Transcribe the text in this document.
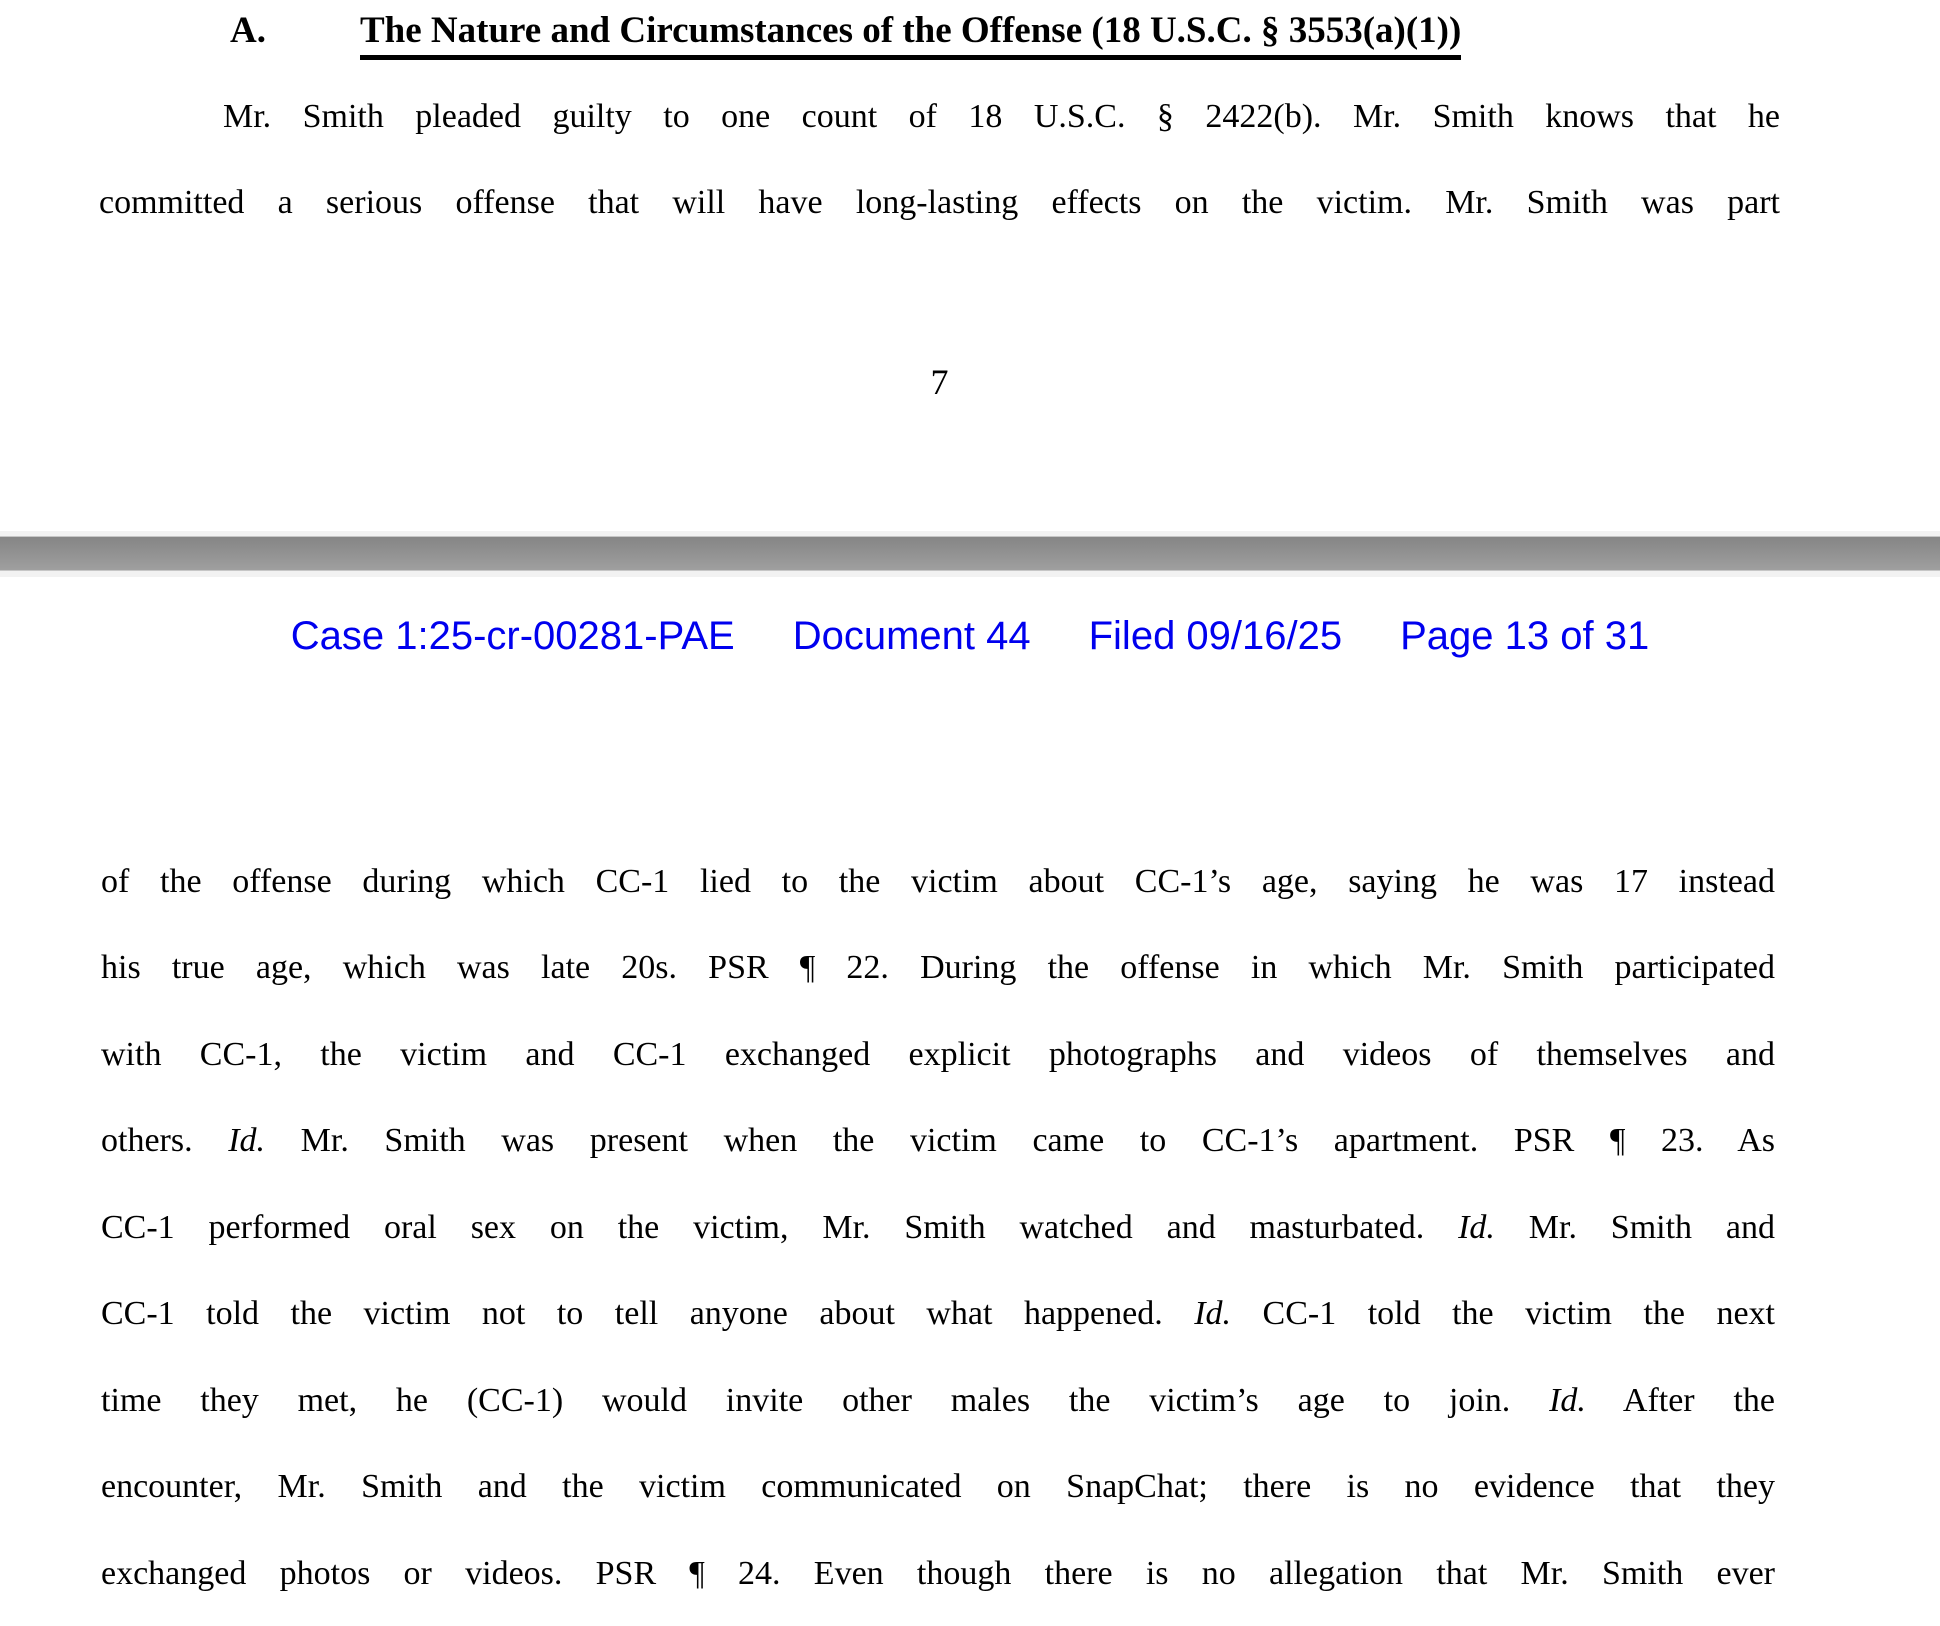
A.	The Nature and Circumstances of the Offense (18 U.S.C. § 3553(a)(1))
Mr. Smith pleaded guilty to one count of 18 U.S.C. § 2422(b). Mr. Smith knows that he
committed a serious offense that will have long-lasting effects on the victim. Mr. Smith was part
7
Case 1:25-cr-00281-PAE Document 44 Filed 09/16/25 Page 13 of 31
of the offense during which CC-1 lied to the victim about CC-1’s age, saying he was 17 instead
his true age, which was late 20s. PSR ¶ 22. During the offense in which Mr. Smith participated
with CC-1, the victim and CC-1 exchanged explicit photographs and videos of themselves and
others. Id. Mr. Smith was present when the victim came to CC-1’s apartment. PSR ¶ 23. As
CC-1 performed oral sex on the victim, Mr. Smith watched and masturbated. Id. Mr. Smith and
CC-1 told the victim not to tell anyone about what happened. Id. CC-1 told the victim the next
time they met, he (CC-1) would invite other males the victim’s age to join. Id. After the
encounter, Mr. Smith and the victim communicated on SnapChat; there is no evidence that they
exchanged photos or videos. PSR ¶ 24. Even though there is no allegation that Mr. Smith ever
